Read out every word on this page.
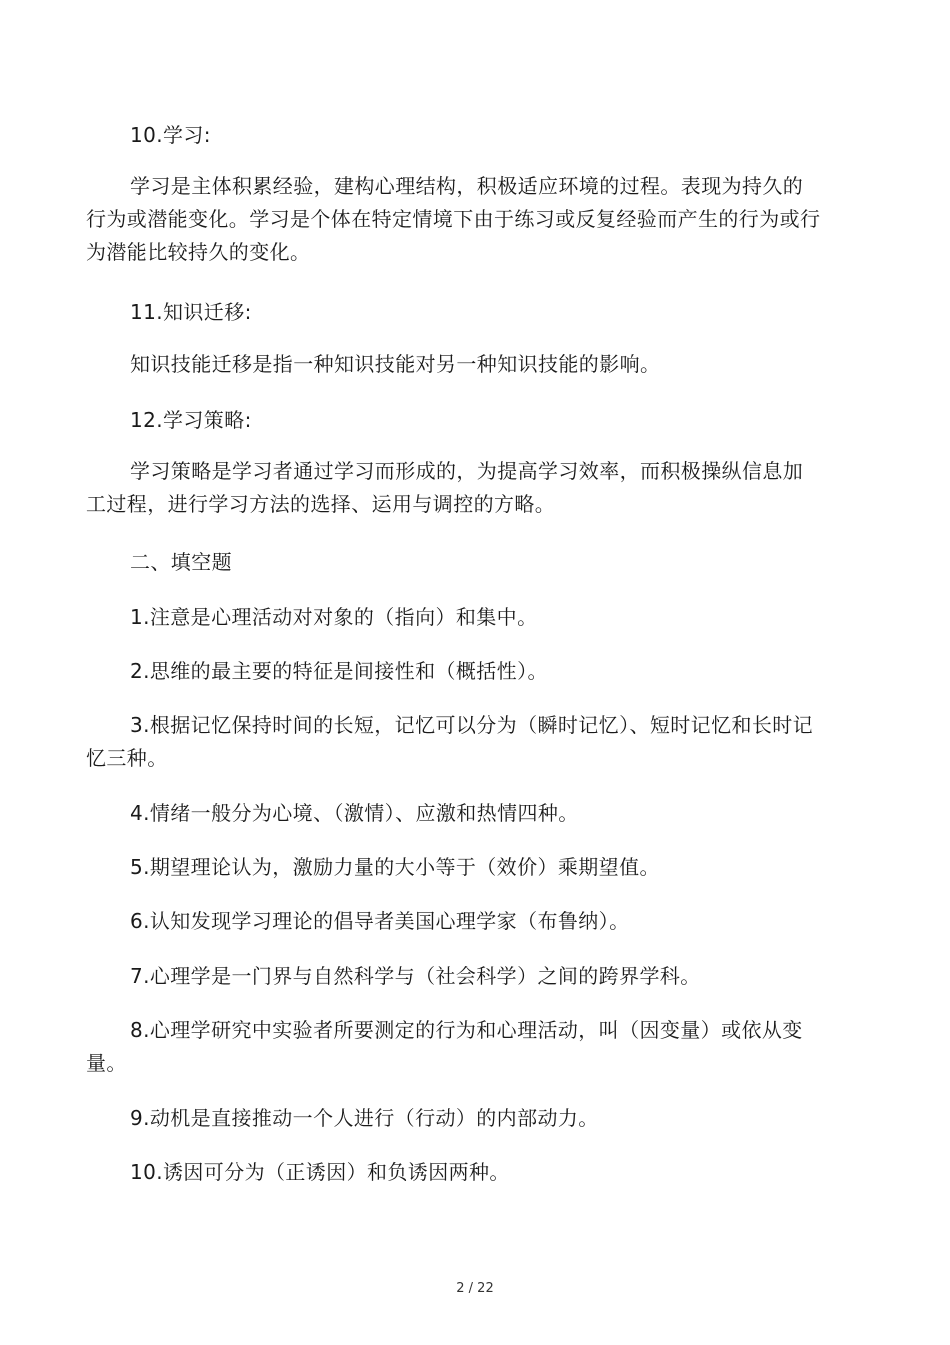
10.学习:

学习是主体积累经验，建构心理结构，积极适应环境的过程。表现为持久的行为或潜能变化。学习是个体在特定情境下由于练习或反复经验而产生的行为或行为潜能比较持久的变化。

11.知识迁移:

知识技能迁移是指一种知识技能对另一种知识技能的影响。

12.学习策略:

学习策略是学习者通过学习而形成的，为提高学习效率，而积极操纵信息加工过程，进行学习方法的选择、运用与调控的方略。

二、填空题

1.注意是心理活动对对象的（指向）和集中。

2.思维的最主要的特征是间接性和（概括性）。

3.根据记忆保持时间的长短，记忆可以分为（瞬时记忆）、短时记忆和长时记忆三种。

4.情绪一般分为心境、（激情）、应激和热情四种。

5.期望理论认为，激励力量的大小等于（效价）乘期望值。

6.认知发现学习理论的倡导者美国心理学家（布鲁纳）。

7.心理学是一门界与自然科学与（社会科学）之间的跨界学科。

8.心理学研究中实验者所要测定的行为和心理活动，叫（因变量）或依从变量。

9.动机是直接推动一个人进行（行动）的内部动力。

10.诱因可分为（正诱因）和负诱因两种。

2 / 22
